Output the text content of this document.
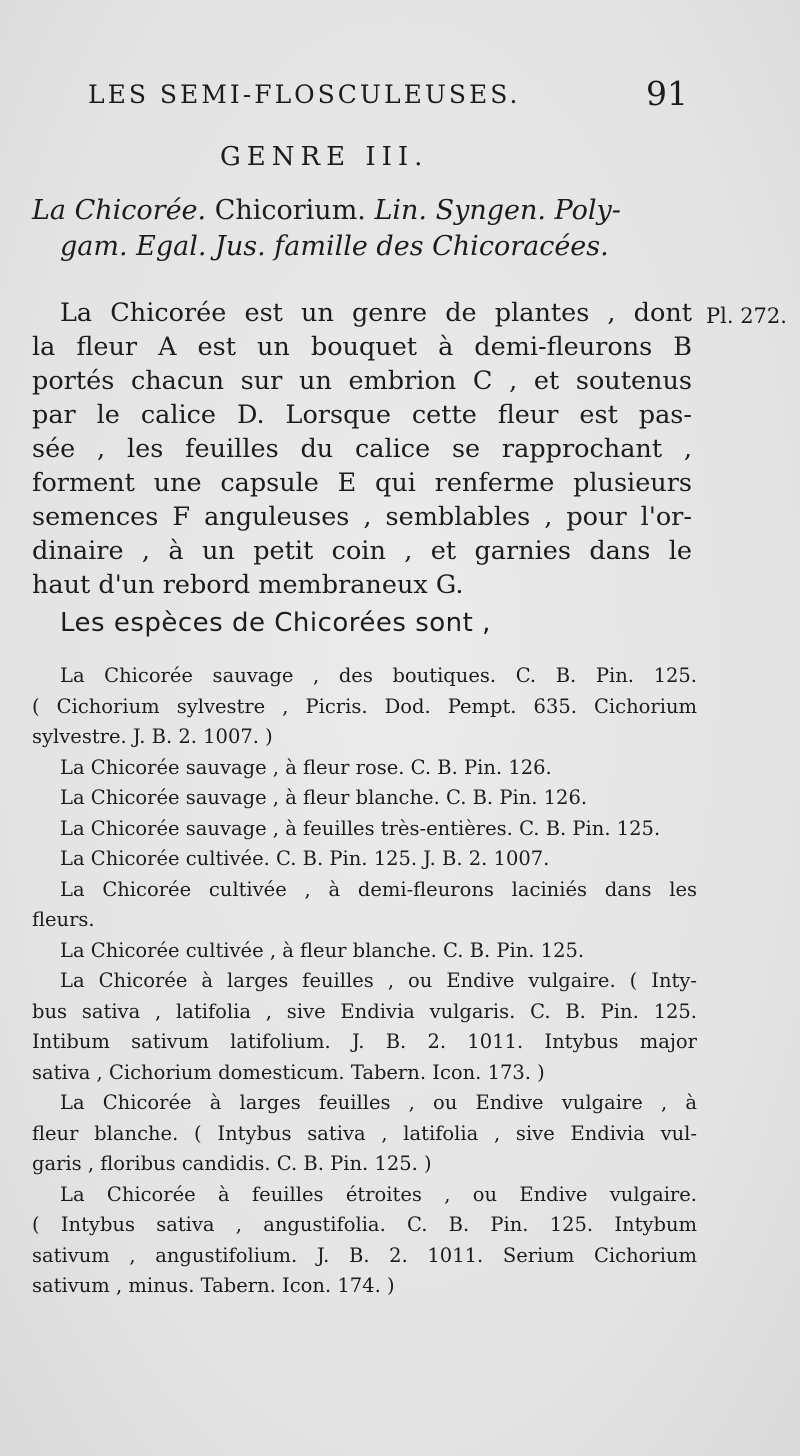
LES SEMI-FLOSCULEUSES.	91
GENRE III.
La Chicorée. Chicorium. Lin. Syngen. Poly-
gam. Egal. Jus. famille des Chicoracées.
Pl. 272.
La Chicorée est un genre de plantes , dont
la fleur A est un bouquet à demi-fleurons B
portés chacun sur un embrion C , et soutenus
par le calice D. Lorsque cette fleur est pas-
sée , les feuilles du calice se rapprochant ,
forment une capsule E qui renferme plusieurs
semences F anguleuses , semblables , pour l'or-
dinaire , à un petit coin , et garnies dans le
haut d'un rebord membraneux G.
Les espèces de Chicorées sont ,
La Chicorée sauvage , des boutiques. C. B. Pin. 125.
( Cichorium sylvestre , Picris. Dod. Pempt. 635. Cichorium
sylvestre. J. B. 2. 1007. )
La Chicorée sauvage , à fleur rose. C. B. Pin. 126.
La Chicorée sauvage , à fleur blanche. C. B. Pin. 126.
La Chicorée sauvage , à feuilles très-entières. C. B. Pin. 125.
La Chicorée cultivée. C. B. Pin. 125. J. B. 2. 1007.
La Chicorée cultivée , à demi-fleurons laciniés dans les
fleurs.
La Chicorée cultivée , à fleur blanche. C. B. Pin. 125.
La Chicorée à larges feuilles , ou Endive vulgaire. ( Inty-
bus sativa , latifolia , sive Endivia vulgaris. C. B. Pin. 125.
Intibum sativum latifolium. J. B. 2. 1011. Intybus major
sativa , Cichorium domesticum. Tabern. Icon. 173. )
La Chicorée à larges feuilles , ou Endive vulgaire , à
fleur blanche. ( Intybus sativa , latifolia , sive Endivia vul-
garis , floribus candidis. C. B. Pin. 125. )
La Chicorée à feuilles étroites , ou Endive vulgaire.
( Intybus sativa , angustifolia. C. B. Pin. 125. Intybum
sativum , angustifolium. J. B. 2. 1011. Serium Cichorium
sativum , minus. Tabern. Icon. 174. )
